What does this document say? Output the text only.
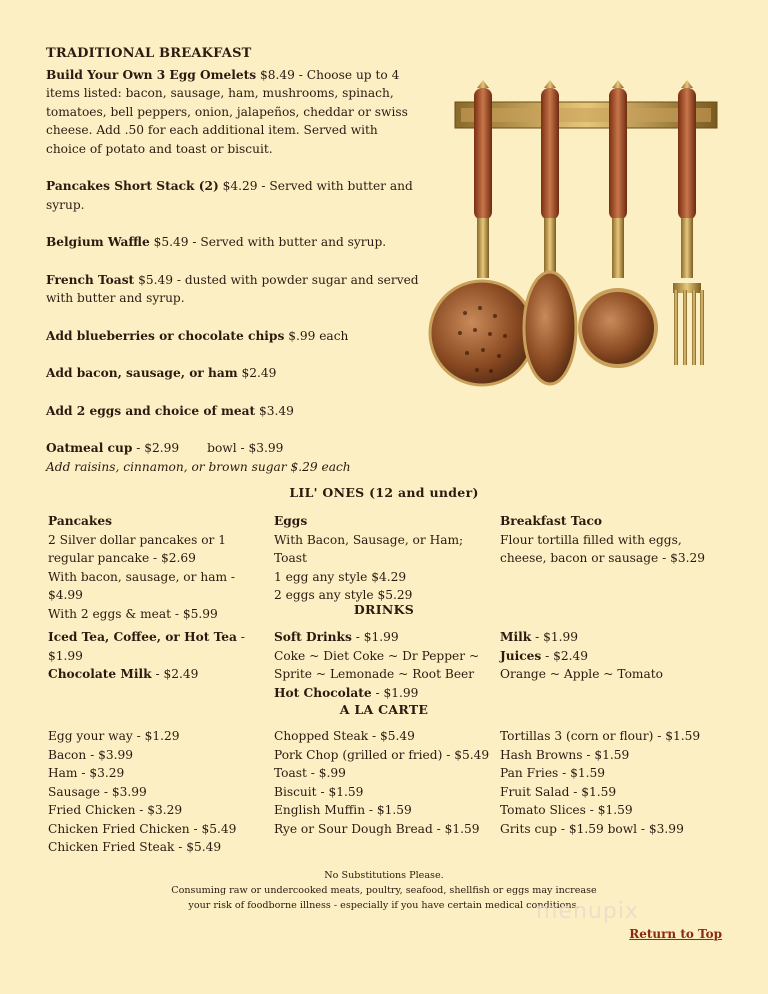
TRADITIONAL BREAKFAST

Build Your Own 3 Egg Omelets $8.49 - Choose up to 4 items listed: bacon, sausage, ham, mushrooms, spinach, tomatoes, bell peppers, onion, jalapeños, cheddar or swiss cheese. Add .50 for each additional item. Served with choice of potato and toast or biscuit.

Pancakes Short Stack (2) $4.29 - Served with butter and syrup.

Belgium Waffle $5.49 - Served with butter and syrup.

French Toast $5.49 - dusted with powder sugar and served with butter and syrup.

Add blueberries or chocolate chips $.99 each

Add bacon, sausage, or ham $2.49

Add 2 eggs and choice of meat $3.49

Oatmeal cup - $2.99 bowl - $3.99
Add raisins, cinnamon, or brown sugar $.29 each
LIL' ONES (12 and under)
Pancakes
2 Silver dollar pancakes or 1 regular pancake - $2.69
With bacon, sausage, or ham - $4.99
With 2 eggs & meat - $5.99
Eggs
With Bacon, Sausage, or Ham; Toast
1 egg any style $4.29
2 eggs any style $5.29
Breakfast Taco
Flour tortilla filled with eggs, cheese, bacon or sausage - $3.29
DRINKS
Iced Tea, Coffee, or Hot Tea - $1.99
Chocolate Milk - $2.49
Soft Drinks - $1.99
Coke ~ Diet Coke ~ Dr Pepper ~ Sprite ~ Lemonade ~ Root Beer
Hot Chocolate - $1.99
Milk - $1.99
Juices - $2.49
Orange ~ Apple ~ Tomato
A LA CARTE
Egg your way - $1.29
Bacon - $3.99
Ham - $3.29
Sausage - $3.99
Fried Chicken - $3.29
Chicken Fried Chicken - $5.49
Chicken Fried Steak - $5.49
Chopped Steak - $5.49
Pork Chop (grilled or fried) - $5.49
Toast - $.99
Biscuit - $1.59
English Muffin - $1.59
Rye or Sour Dough Bread - $1.59
Tortillas 3 (corn or flour) - $1.59
Hash Browns - $1.59
Pan Fries - $1.59
Fruit Salad - $1.59
Tomato Slices - $1.59
Grits cup - $1.59 bowl - $3.99
No Substitutions Please.
Consuming raw or undercooked meats, poultry, seafood, shellfish or eggs may increase
your risk of foodborne illness - especially if you have certain medical conditions.
menupix
Return to Top
